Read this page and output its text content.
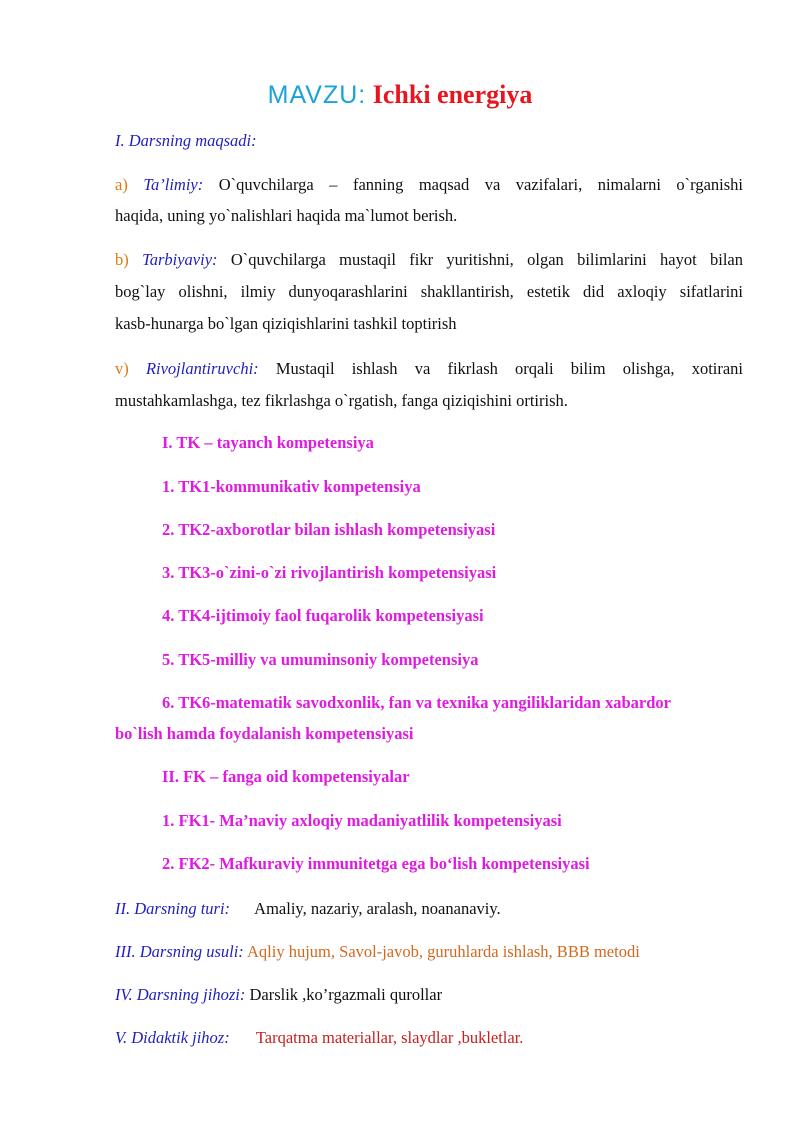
MAVZU: Ichki energiya
I. Darsning maqsadi:
a) Ta’limiy: O`quvchilarga – fanning maqsad va vazifalari, nimalarni o`rganishi
haqida, uning yo`nalishlari haqida ma`lumot berish.
b) Tarbiyaviy: O`quvchilarga mustaqil fikr yuritishni, olgan bilimlarini hayot bilan
bog`lay olishni, ilmiy dunyoqarashlarini shakllantirish, estetik did axloqiy sifatlarini
kasb-hunarga bo`lgan qiziqishlarini tashkil toptirish
v) Rivojlantiruvchi: Mustaqil ishlash va fikrlash orqali bilim olishga, xotirani
mustahkamlashga, tez fikrlashga o`rgatish, fanga qiziqishini ortirish.
I. TK – tayanch kompetensiya
1. TK1-kommunikativ kompetensiya
2. TK2-axborotlar bilan ishlash kompetensiyasi
3. TK3-o`zini-o`zi rivojlantirish kompetensiyasi
4. TK4-ijtimoiy faol fuqarolik kompetensiyasi
5. TK5-milliy va umuminsoniy kompetensiya
6. TK6-matematik savodxonlik, fan va texnika yangiliklaridan xabardor
bo`lish hamda foydalanish kompetensiyasi
II. FK – fanga oid kompetensiyalar
1. FK1- Ma’naviy axloqiy madaniyatlilik kompetensiyasi
2. FK2- Mafkuraviy immunitetga ega bo‘lish kompetensiyasi
II. Darsning turi: Amaliy, nazariy, aralash, noananaviy.
III. Darsning usuli: Aqliy hujum, Savol-javob, guruhlarda ishlash, BBB metodi
IV. Darsning jihozi: Darslik ,ko’rgazmali qurollar
V. Didaktik jihoz: Tarqatma materiallar, slaydlar ,bukletlar.
